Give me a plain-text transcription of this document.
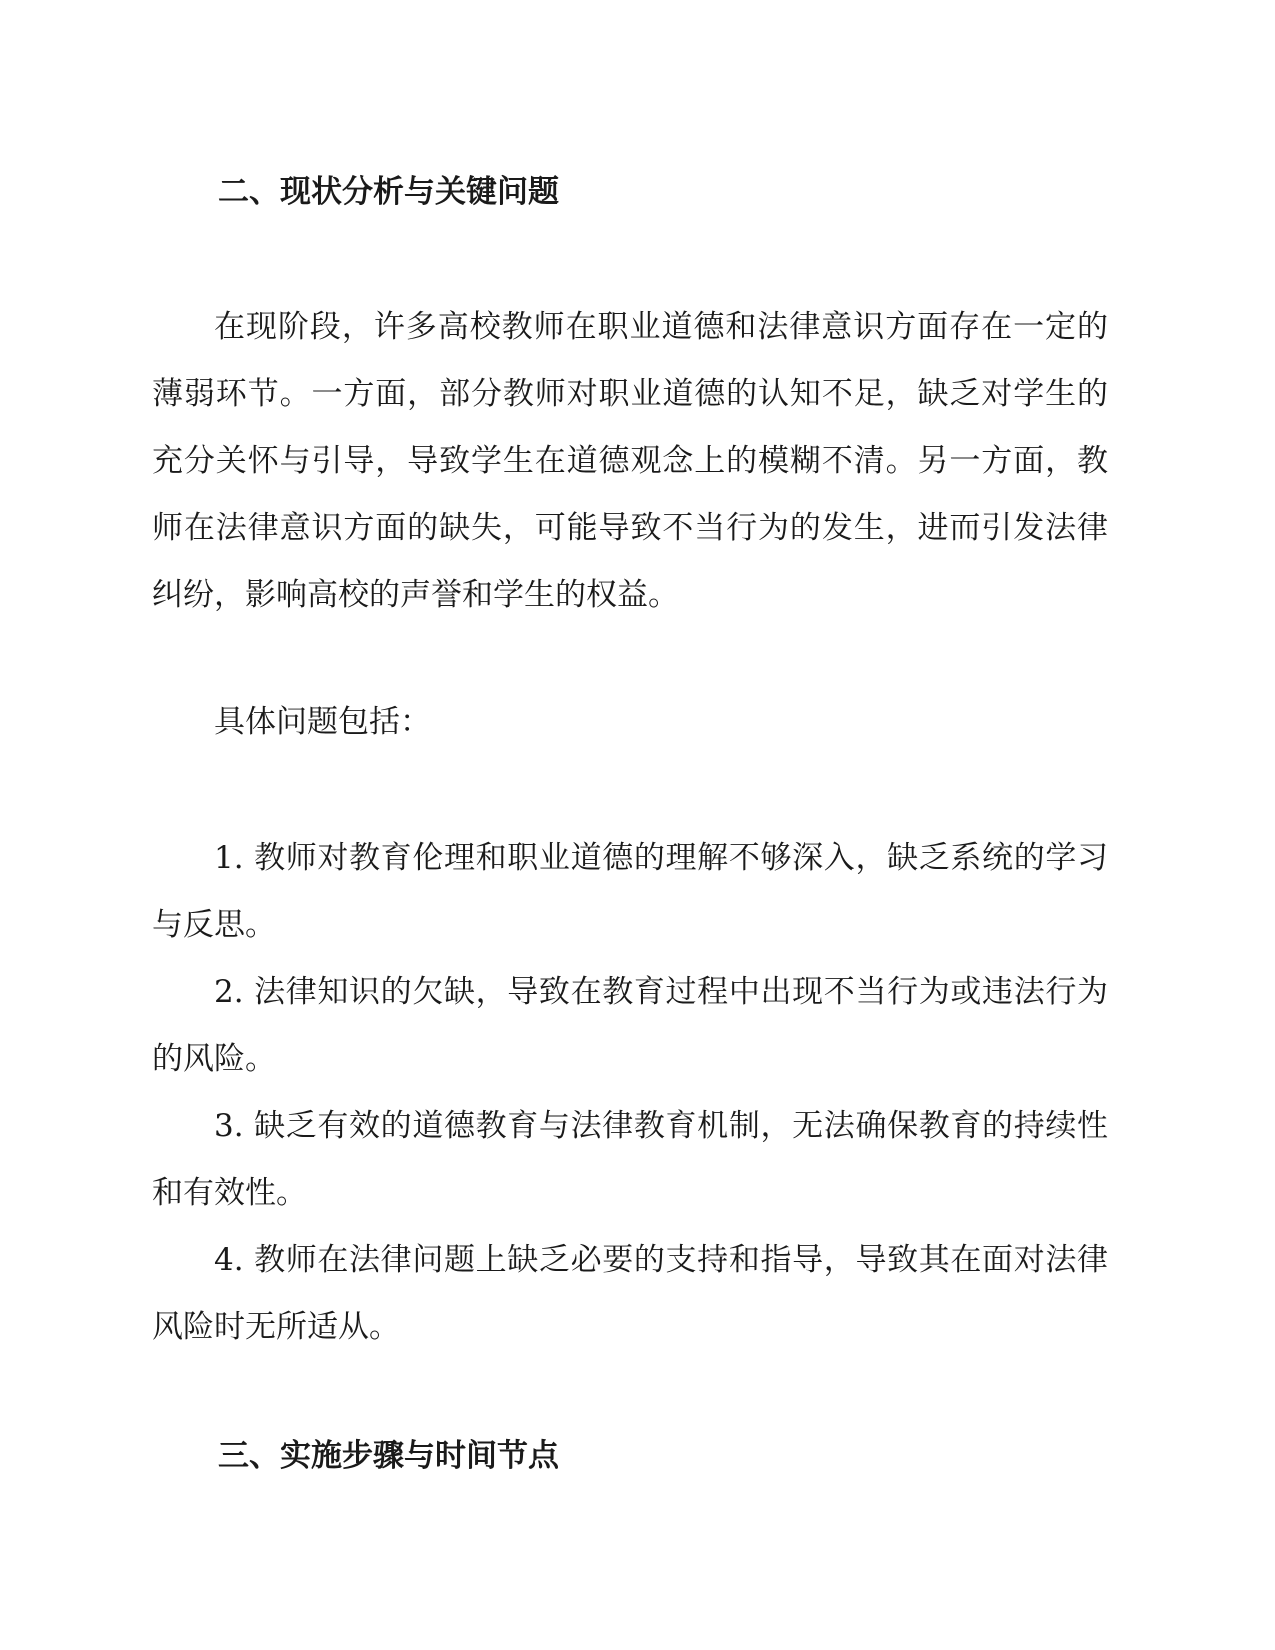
二、现状分析与关键问题

在现阶段，许多高校教师在职业道德和法律意识方面存在一定的薄弱环节。一方面，部分教师对职业道德的认知不足，缺乏对学生的充分关怀与引导，导致学生在道德观念上的模糊不清。另一方面，教师在法律意识方面的缺失，可能导致不当行为的发生，进而引发法律纠纷，影响高校的声誉和学生的权益。

具体问题包括：

1. 教师对教育伦理和职业道德的理解不够深入，缺乏系统的学习与反思。
2. 法律知识的欠缺，导致在教育过程中出现不当行为或违法行为的风险。
3. 缺乏有效的道德教育与法律教育机制，无法确保教育的持续性和有效性。
4. 教师在法律问题上缺乏必要的支持和指导，导致其在面对法律风险时无所适从。
三、实施步骤与时间节点
